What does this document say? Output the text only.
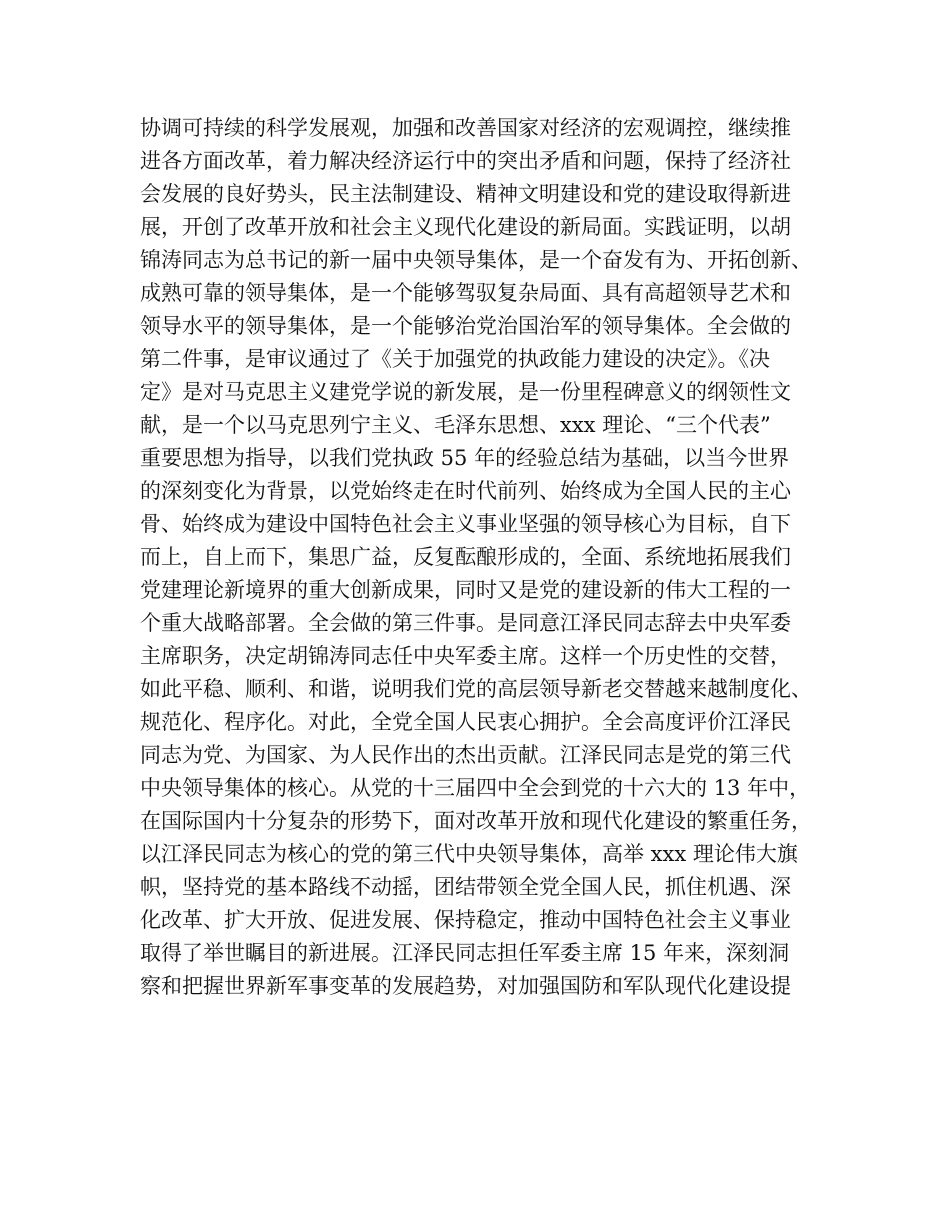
协调可持续的科学发展观，加强和改善国家对经济的宏观调控，继续推

进各方面改革，着力解决经济运行中的突出矛盾和问题，保持了经济社

会发展的良好势头，民主法制建设、精神文明建设和党的建设取得新进

展，开创了改革开放和社会主义现代化建设的新局面。实践证明，以胡

锦涛同志为总书记的新一届中央领导集体，是一个奋发有为、开拓创新、

成熟可靠的领导集体，是一个能够驾驭复杂局面、具有高超领导艺术和

领导水平的领导集体，是一个能够治党治国治军的领导集体。全会做的

第二件事，是审议通过了《关于加强党的执政能力建设的决定》。《决

定》是对马克思主义建党学说的新发展，是一份里程碑意义的纲领性文

献，是一个以马克思列宁主义、毛泽东思想、xxx 理论、“三个代表”

重要思想为指导，以我们党执政 55 年的经验总结为基础，以当今世界

的深刻变化为背景，以党始终走在时代前列、始终成为全国人民的主心

骨、始终成为建设中国特色社会主义事业坚强的领导核心为目标，自下

而上，自上而下，集思广益，反复酝酿形成的，全面、系统地拓展我们

党建理论新境界的重大创新成果，同时又是党的建设新的伟大工程的一

个重大战略部署。全会做的第三件事。是同意江泽民同志辞去中央军委

主席职务，决定胡锦涛同志任中央军委主席。这样一个历史性的交替，

如此平稳、顺利、和谐，说明我们党的高层领导新老交替越来越制度化、

规范化、程序化。对此，全党全国人民衷心拥护。全会高度评价江泽民

同志为党、为国家、为人民作出的杰出贡献。江泽民同志是党的第三代

中央领导集体的核心。从党的十三届四中全会到党的十六大的 13 年中，

在国际国内十分复杂的形势下，面对改革开放和现代化建设的繁重任务，

以江泽民同志为核心的党的第三代中央领导集体，高举 xxx 理论伟大旗

帜，坚持党的基本路线不动摇，团结带领全党全国人民，抓住机遇、深

化改革、扩大开放、促进发展、保持稳定，推动中国特色社会主义事业

取得了举世瞩目的新进展。江泽民同志担任军委主席 15 年来，深刻洞

察和把握世界新军事变革的发展趋势，对加强国防和军队现代化建设提
